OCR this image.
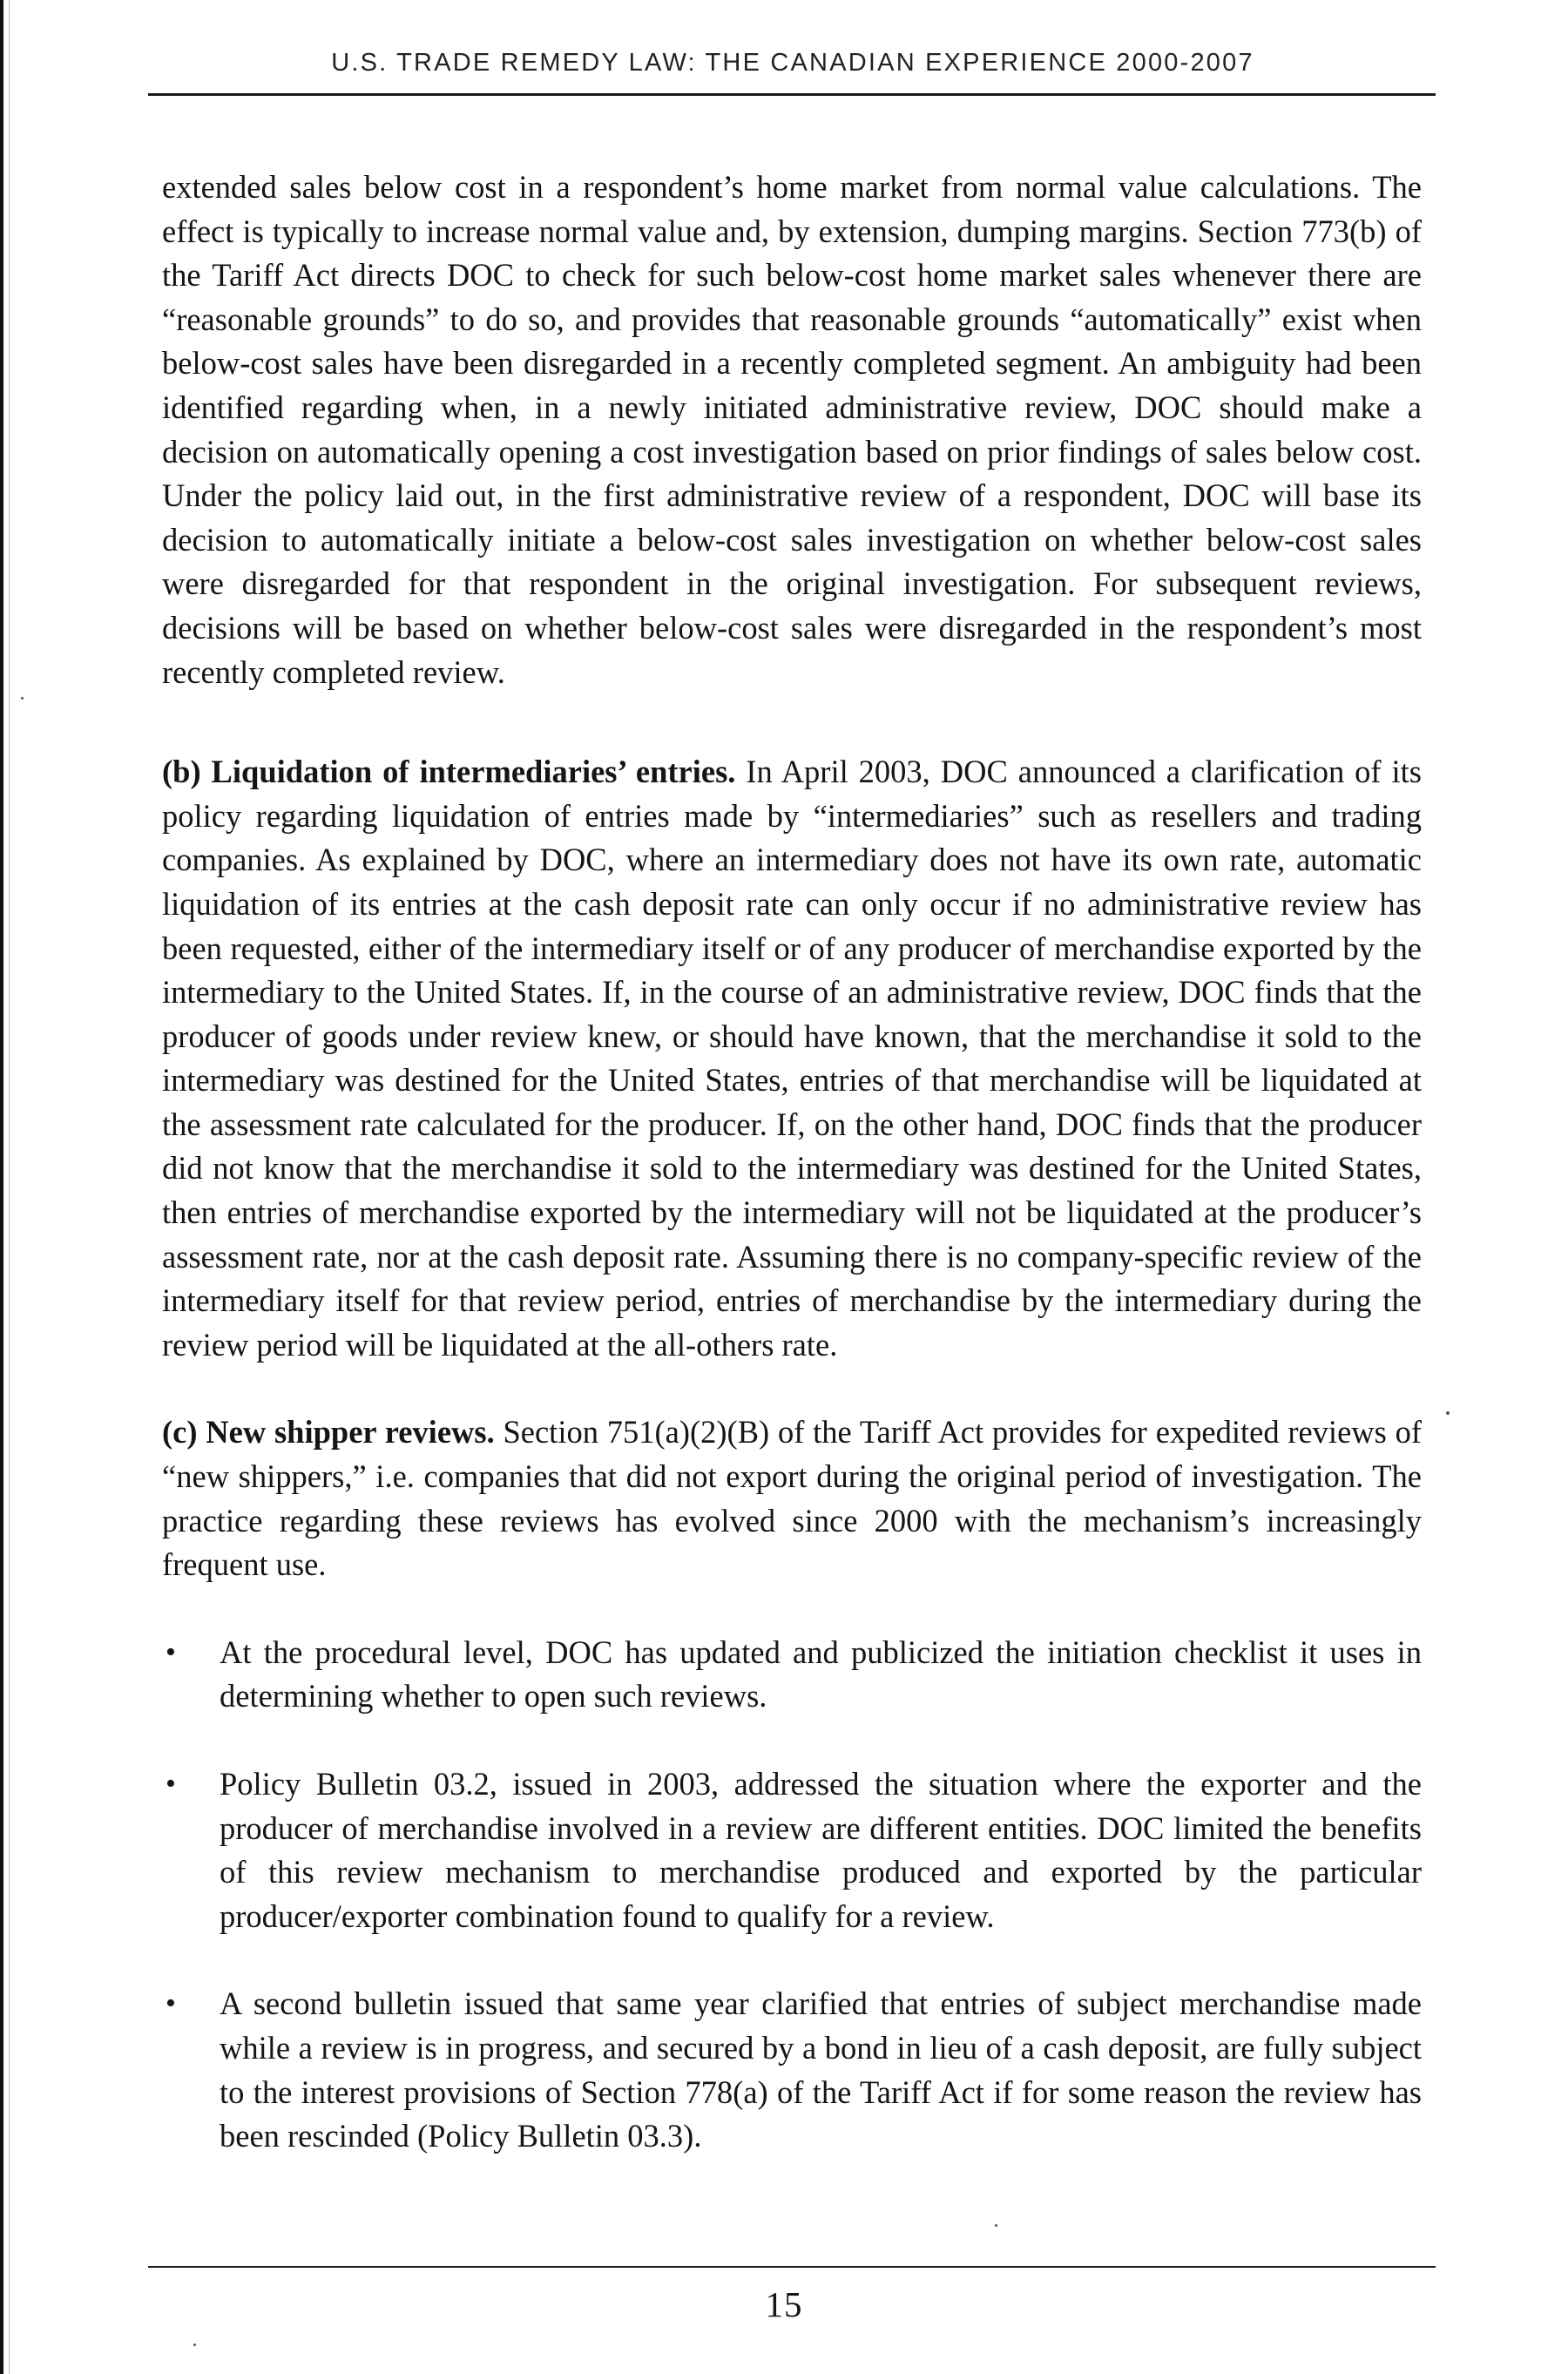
U.S. TRADE REMEDY LAW: THE CANADIAN EXPERIENCE 2000-2007

extended sales below cost in a respondent’s home market from normal value calculations. The effect is typically to increase normal value and, by extension, dumping margins. Section 773(b) of the Tariff Act directs DOC to check for such below-cost home market sales whenever there are “reasonable grounds” to do so, and provides that reasonable grounds “automatically” exist when below-cost sales have been disregarded in a recently completed segment. An ambiguity had been identified regarding when, in a newly initiated administrative review, DOC should make a decision on automatically opening a cost investigation based on prior findings of sales below cost. Under the policy laid out, in the first administrative review of a respondent, DOC will base its decision to automatically initiate a below-cost sales investigation on whether below-cost sales were disregarded for that respondent in the original investigation. For subsequent reviews, decisions will be based on whether below-cost sales were disregarded in the respondent’s most recently completed review.

(b) Liquidation of intermediaries’ entries. In April 2003, DOC announced a clarification of its policy regarding liquidation of entries made by “intermediaries” such as resellers and trading companies. As explained by DOC, where an intermediary does not have its own rate, automatic liquidation of its entries at the cash deposit rate can only occur if no administrative review has been requested, either of the intermediary itself or of any producer of merchandise exported by the intermediary to the United States. If, in the course of an administrative review, DOC finds that the producer of goods under review knew, or should have known, that the merchandise it sold to the intermediary was destined for the United States, entries of that merchandise will be liquidated at the assessment rate calculated for the producer. If, on the other hand, DOC finds that the producer did not know that the merchandise it sold to the intermediary was destined for the United States, then entries of merchandise exported by the intermediary will not be liquidated at the producer’s assessment rate, nor at the cash deposit rate. Assuming there is no company-specific review of the intermediary itself for that review period, entries of merchandise by the intermediary during the review period will be liquidated at the all-others rate.

(c) New shipper reviews. Section 751(a)(2)(B) of the Tariff Act provides for expedited reviews of “new shippers,” i.e. companies that did not export during the original period of investigation. The practice regarding these reviews has evolved since 2000 with the mechanism’s increasingly frequent use.

• At the procedural level, DOC has updated and publicized the initiation checklist it uses in determining whether to open such reviews.
• Policy Bulletin 03.2, issued in 2003, addressed the situation where the exporter and the producer of merchandise involved in a review are different entities. DOC limited the benefits of this review mechanism to merchandise produced and exported by the particular producer/exporter combination found to qualify for a review.
• A second bulletin issued that same year clarified that entries of subject merchandise made while a review is in progress, and secured by a bond in lieu of a cash deposit, are fully subject to the interest provisions of Section 778(a) of the Tariff Act if for some reason the review has been rescinded (Policy Bulletin 03.3).
15
